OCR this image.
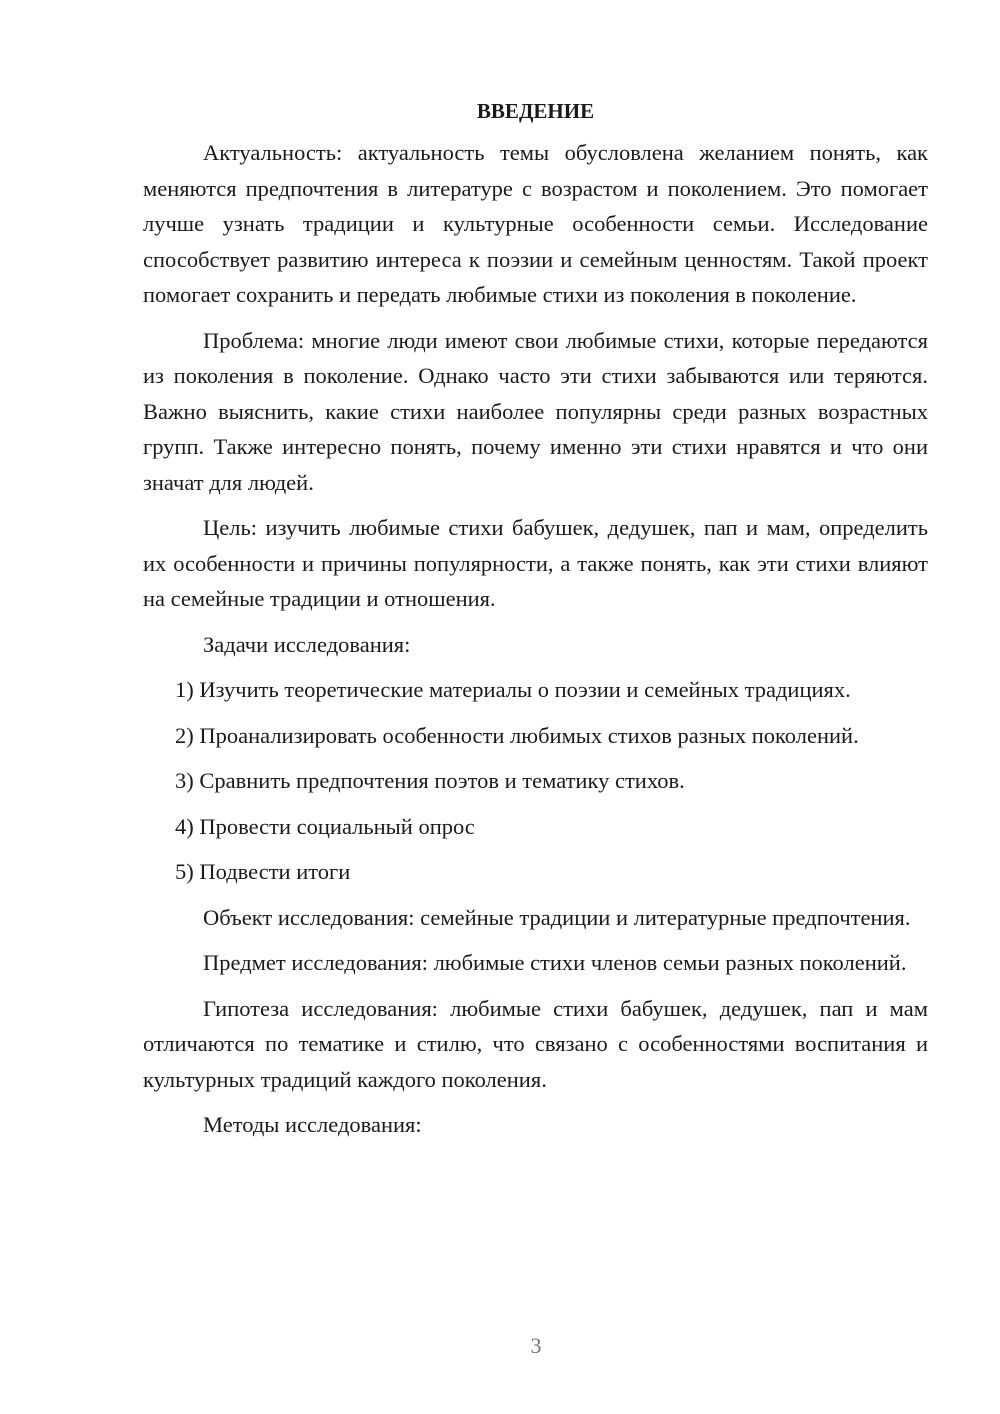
ВВЕДЕНИЕ

Актуальность: актуальность темы обусловлена желанием понять, как меняются предпочтения в литературе с возрастом и поколением. Это помогает лучше узнать традиции и культурные особенности семьи. Исследование способствует развитию интереса к поэзии и семейным ценностям. Такой проект помогает сохранить и передать любимые стихи из поколения в поколение.

Проблема: многие люди имеют свои любимые стихи, которые передаются из поколения в поколение. Однако часто эти стихи забываются или теряются. Важно выяснить, какие стихи наиболее популярны среди разных возрастных групп. Также интересно понять, почему именно эти стихи нравятся и что они значат для людей.

Цель: изучить любимые стихи бабушек, дедушек, пап и мам, определить их особенности и причины популярности, а также понять, как эти стихи влияют на семейные традиции и отношения.

Задачи исследования:

1) Изучить теоретические материалы о поэзии и семейных традициях.

2) Проанализировать особенности любимых стихов разных поколений.

3) Сравнить предпочтения поэтов и тематику стихов.

4) Провести социальный опрос

5) Подвести итоги

Объект исследования: семейные традиции и литературные предпочтения.

Предмет исследования: любимые стихи членов семьи разных поколений.

Гипотеза исследования: любимые стихи бабушек, дедушек, пап и мам отличаются по тематике и стилю, что связано с особенностями воспитания и культурных традиций каждого поколения.

Методы исследования:

3
